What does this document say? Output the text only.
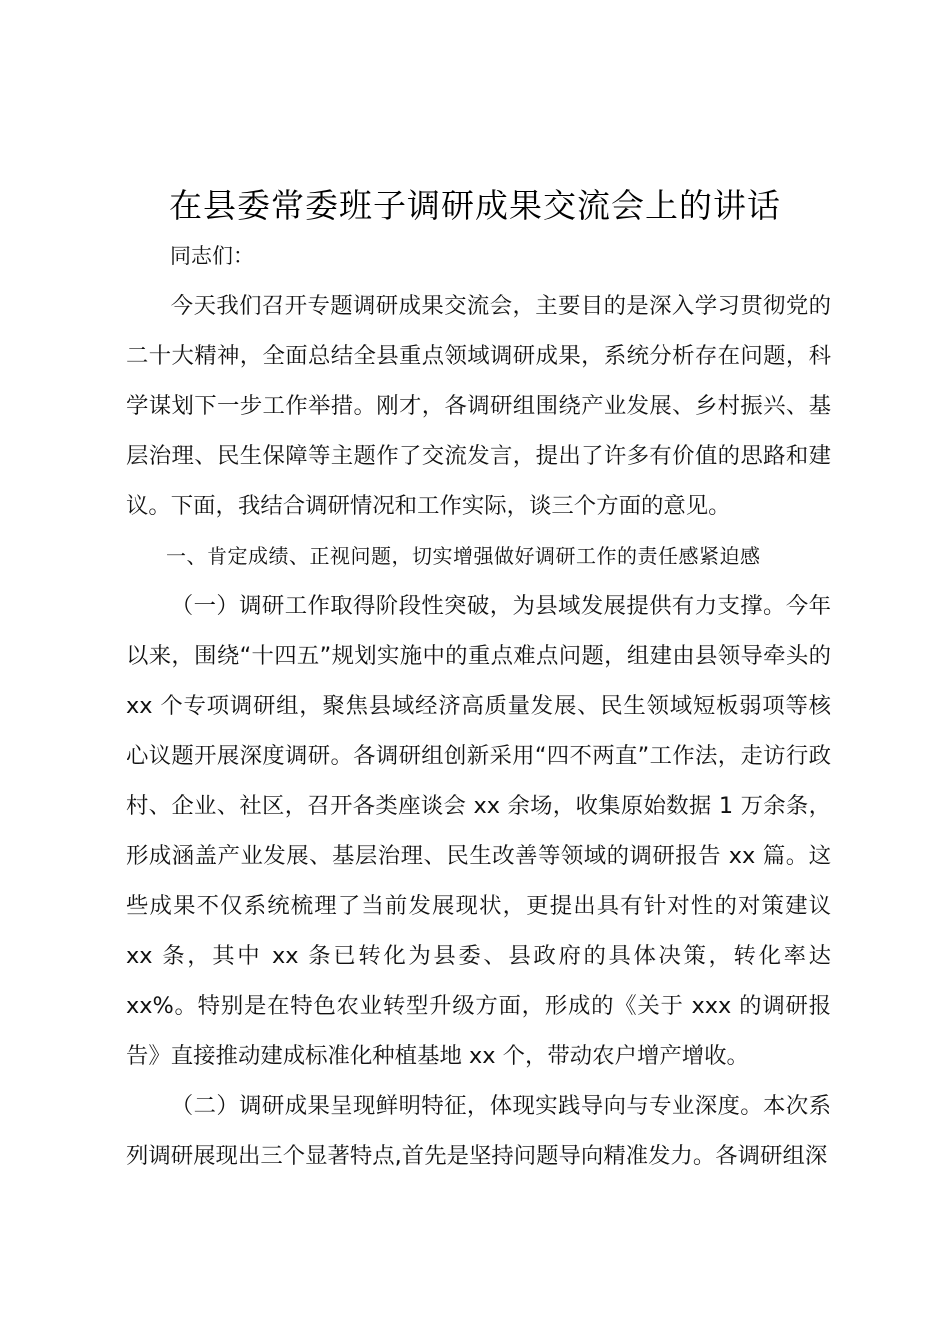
在县委常委班子调研成果交流会上的讲话

同志们：

今天我们召开专题调研成果交流会，主要目的是深入学习贯彻党的二十大精神，全面总结全县重点领域调研成果，系统分析存在问题，科学谋划下一步工作举措。刚才，各调研组围绕产业发展、乡村振兴、基层治理、民生保障等主题作了交流发言，提出了许多有价值的思路和建议。下面，我结合调研情况和工作实际，谈三个方面的意见。

一、肯定成绩、正视问题，切实增强做好调研工作的责任感紧迫感

（一）调研工作取得阶段性突破，为县域发展提供有力支撑。今年以来，围绕“十四五”规划实施中的重点难点问题，组建由县领导牵头的 xx 个专项调研组，聚焦县域经济高质量发展、民生领域短板弱项等核心议题开展深度调研。各调研组创新采用“四不两直”工作法，走访行政村、企业、社区，召开各类座谈会 xx 余场，收集原始数据 1 万余条，形成涵盖产业发展、基层治理、民生改善等领域的调研报告 xx 篇。这些成果不仅系统梳理了当前发展现状，更提出具有针对性的对策建议 xx 条，其中 xx 条已转化为县委、县政府的具体决策，转化率达 xx%。特别是在特色农业转型升级方面，形成的《关于 xxx 的调研报告》直接推动建成标准化种植基地 xx 个，带动农户增产增收。

（二）调研成果呈现鲜明特征，体现实践导向与专业深度。本次系列调研展现出三个显著特点,首先是坚持问题导向精准发力。各调研组深
